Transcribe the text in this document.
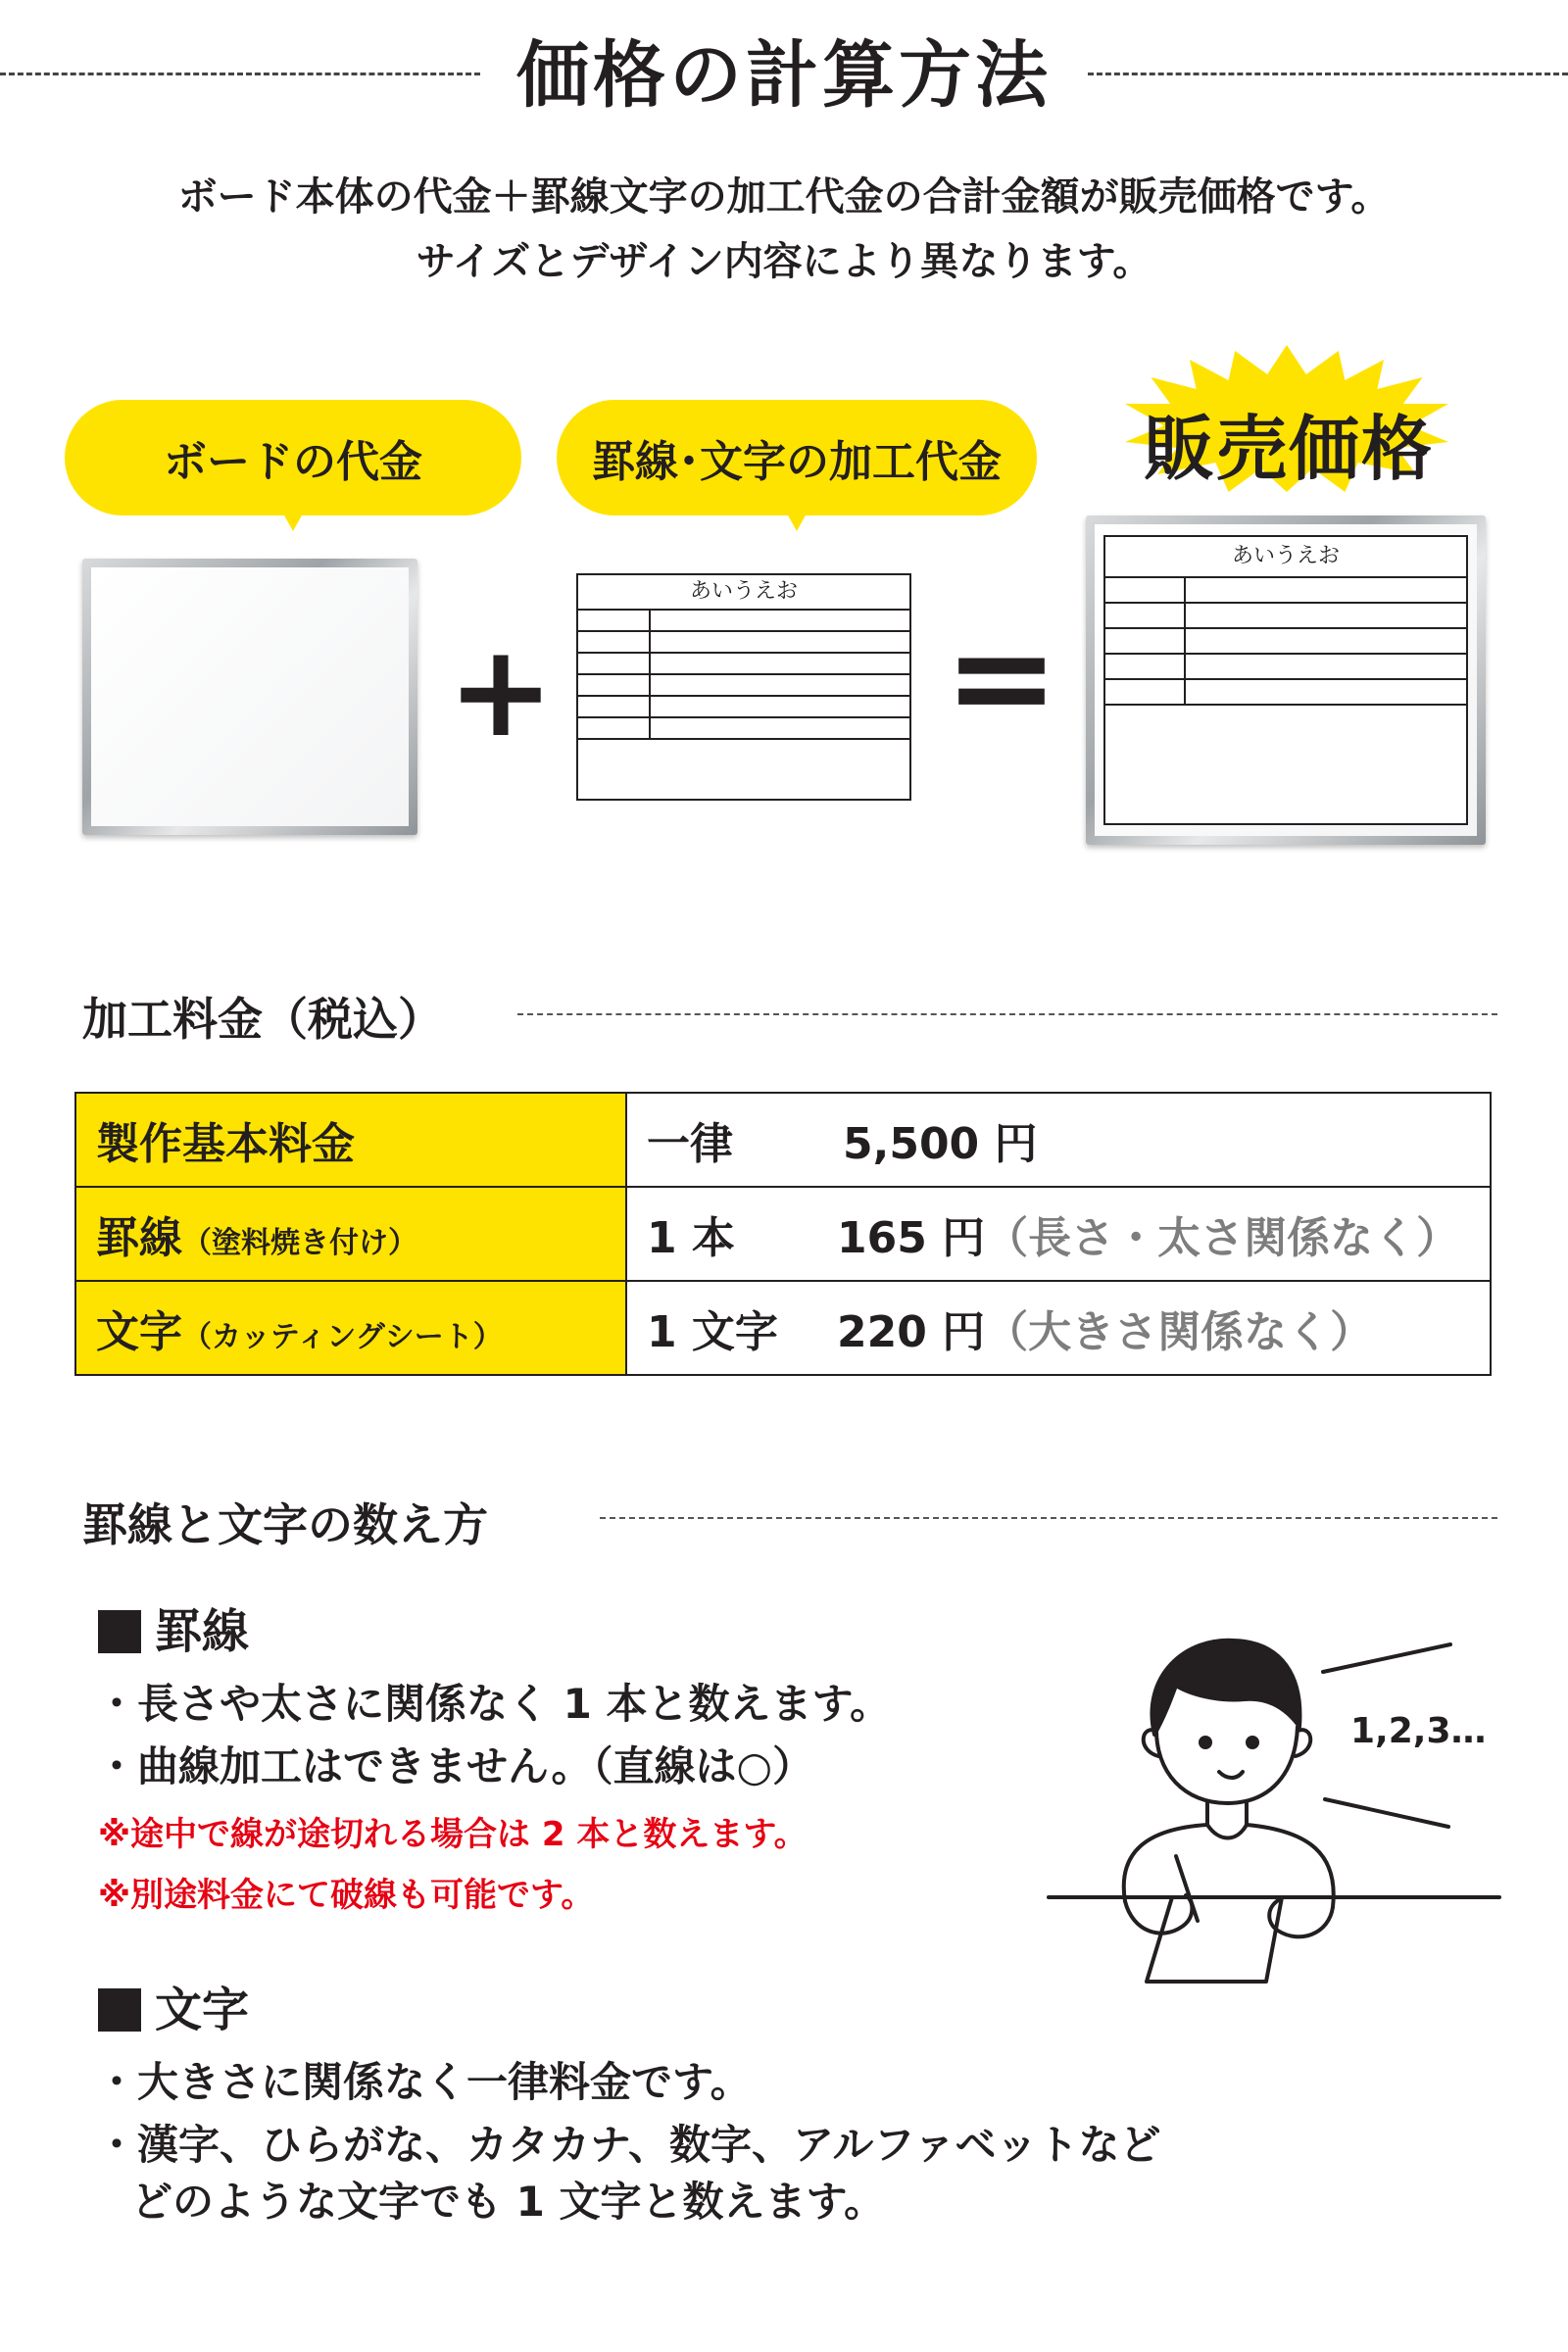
価格の計算方法
ボード本体の代金＋罫線文字の加工代金の合計金額が販売価格です。
サイズとデザイン内容により異なります。
ボードの代金	罫線･文字の加工代金 販売価格
+
あいうえお
=
あいうえお
加工料金（税込）
製作基本料金	一律 5,500 円
罫線（塗料焼き付け）	1 本 165 円（長さ・太さ関係なく）
文字（カッティングシート）	1 文字 220 円（大きさ関係なく）
罫線と文字の数え方
罫線
・長さや太さに関係なく 1 本と数えます。
・曲線加工はできません。（直線は○）
※途中で線が途切れる場合は 2 本と数えます。
※別途料金にて破線も可能です。
文字
・大きさに関係なく一律料金です。
・漢字、ひらがな、カタカナ、数字、アルファベットなど
どのような文字でも 1 文字と数えます。
1,2,3…
